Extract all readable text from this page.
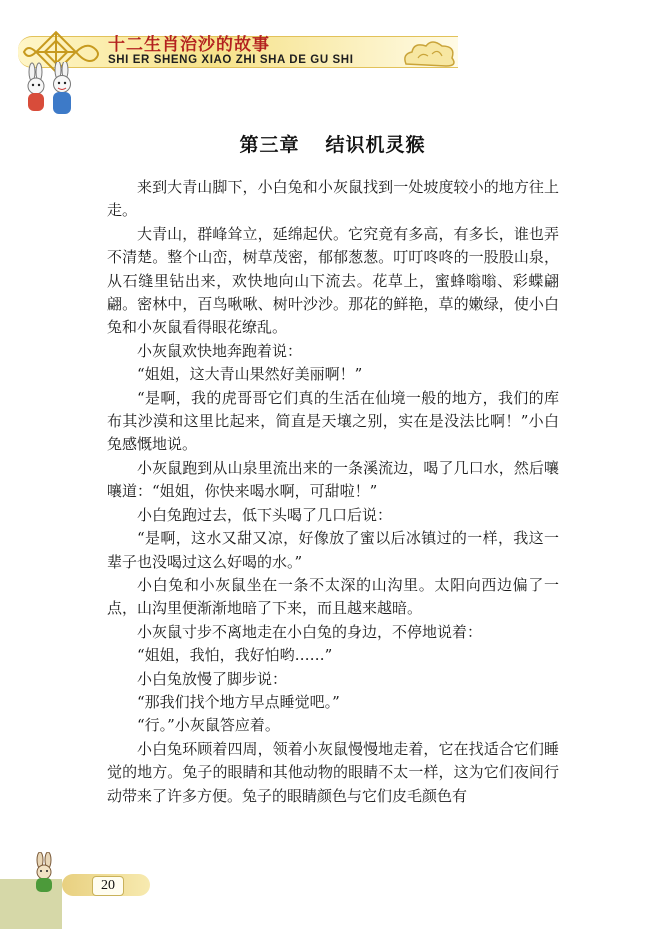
十二生肖治沙的故事
SHI ER SHENG XIAO ZHI SHA DE GU SHI
第三章 结识机灵猴

来到大青山脚下，小白兔和小灰鼠找到一处坡度较小的地方往上走。

大青山，群峰耸立，延绵起伏。它究竟有多高，有多长，谁也弄不清楚。整个山峦，树草茂密，郁郁葱葱。叮叮咚咚的一股股山泉，从石缝里钻出来，欢快地向山下流去。花草上，蜜蜂嗡嗡、彩蝶翩翩。密林中，百鸟啾啾、树叶沙沙。那花的鲜艳，草的嫩绿，使小白兔和小灰鼠看得眼花缭乱。

小灰鼠欢快地奔跑着说：

“姐姐，这大青山果然好美丽啊！”

“是啊，我的虎哥哥它们真的生活在仙境一般的地方，我们的库布其沙漠和这里比起来，简直是天壤之别，实在是没法比啊！”小白兔感慨地说。

小灰鼠跑到从山泉里流出来的一条溪流边，喝了几口水，然后嚷嚷道：“姐姐，你快来喝水啊，可甜啦！”

小白兔跑过去，低下头喝了几口后说：

“是啊，这水又甜又凉，好像放了蜜以后冰镇过的一样，我这一辈子也没喝过这么好喝的水。”

小白兔和小灰鼠坐在一条不太深的山沟里。太阳向西边偏了一点，山沟里便渐渐地暗了下来，而且越来越暗。

小灰鼠寸步不离地走在小白兔的身边，不停地说着：

“姐姐，我怕，我好怕哟……”

小白兔放慢了脚步说：

“那我们找个地方早点睡觉吧。”

“行。”小灰鼠答应着。

小白兔环顾着四周，领着小灰鼠慢慢地走着，它在找适合它们睡觉的地方。兔子的眼睛和其他动物的眼睛不太一样，这为它们夜间行动带来了许多方便。兔子的眼睛颜色与它们皮毛颜色有

20
